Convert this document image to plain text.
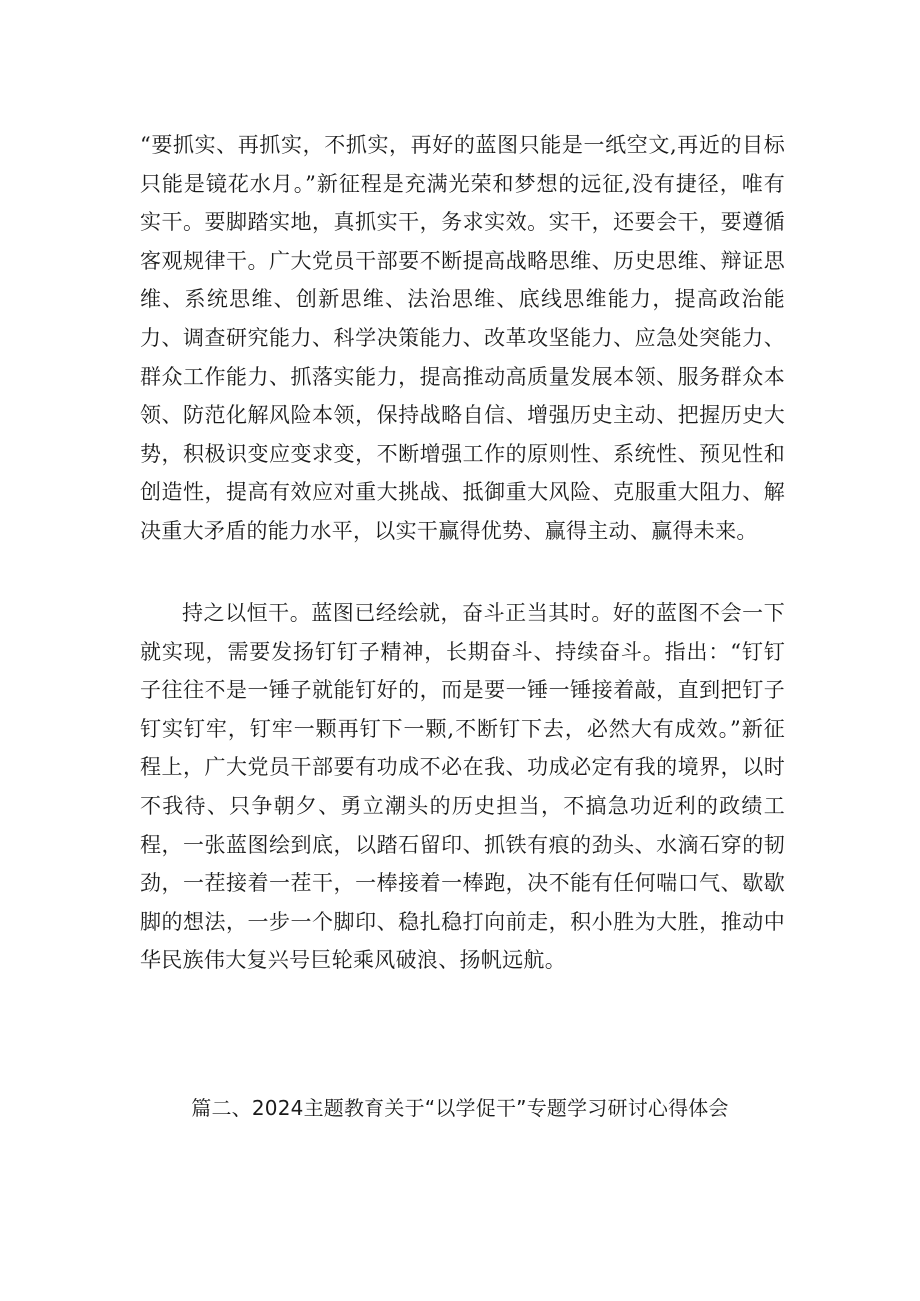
“要抓实、再抓实，不抓实，再好的蓝图只能是一纸空文,再近的目标只能是镜花水月。”新征程是充满光荣和梦想的远征,没有捷径，唯有实干。要脚踏实地，真抓实干，务求实效。实干，还要会干，要遵循客观规律干。广大党员干部要不断提高战略思维、历史思维、辩证思维、系统思维、创新思维、法治思维、底线思维能力，提高政治能力、调查研究能力、科学决策能力、改革攻坚能力、应急处突能力、群众工作能力、抓落实能力，提高推动高质量发展本领、服务群众本领、防范化解风险本领，保持战略自信、增强历史主动、把握历史大势，积极识变应变求变，不断增强工作的原则性、系统性、预见性和创造性，提高有效应对重大挑战、抵御重大风险、克服重大阻力、解决重大矛盾的能力水平，以实干赢得优势、赢得主动、赢得未来。

持之以恒干。蓝图已经绘就，奋斗正当其时。好的蓝图不会一下就实现，需要发扬钉钉子精神，长期奋斗、持续奋斗。指出：“钉钉子往往不是一锤子就能钉好的，而是要一锤一锤接着敲，直到把钉子钉实钉牢，钉牢一颗再钉下一颗,不断钉下去，必然大有成效。”新征程上，广大党员干部要有功成不必在我、功成必定有我的境界，以时不我待、只争朝夕、勇立潮头的历史担当，不搞急功近利的政绩工程，一张蓝图绘到底，以踏石留印、抓铁有痕的劲头、水滴石穿的韧劲，一茬接着一茬干，一棒接着一棒跑，决不能有任何喘口气、歇歇脚的想法，一步一个脚印、稳扎稳打向前走，积小胜为大胜，推动中华民族伟大复兴号巨轮乘风破浪、扬帆远航。

篇二、2024主题教育关于“以学促干”专题学习研讨心得体会
